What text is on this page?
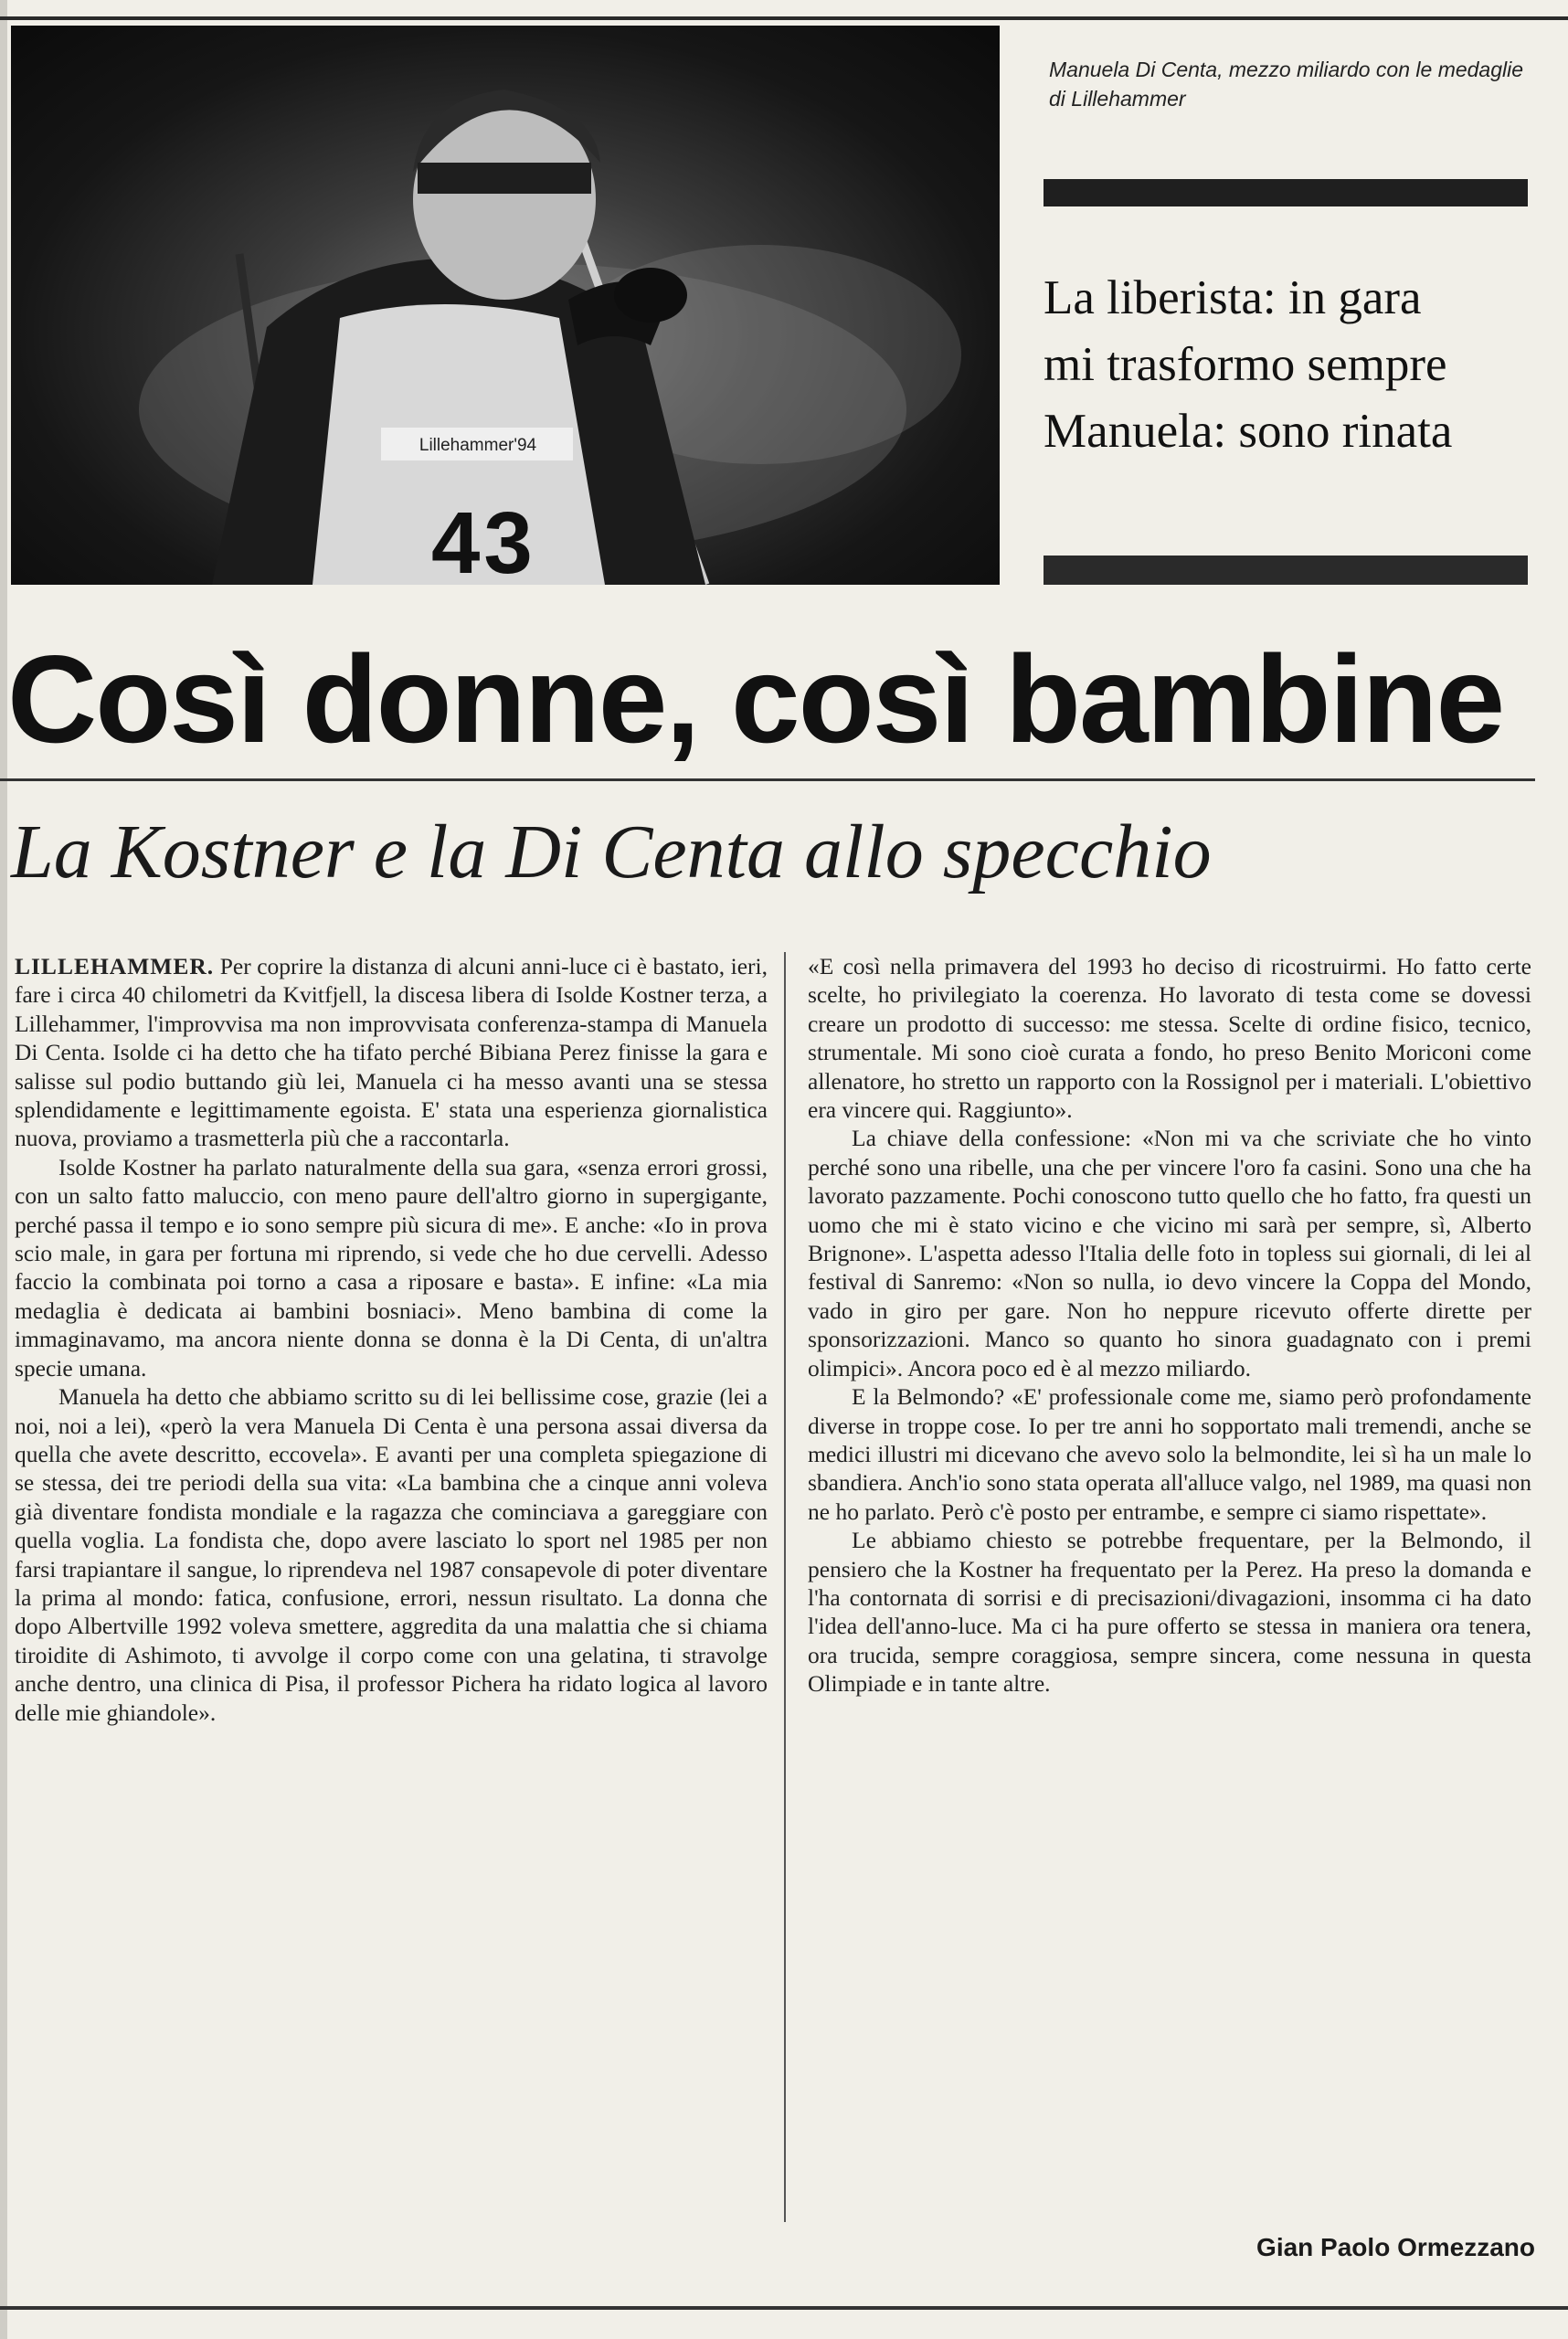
Lillehammer'94
43
Manuela Di Centa, mezzo miliardo con le medaglie di Lillehammer
La liberista: in gara
mi trasformo sempre
Manuela: sono rinata
Così donne, così bambine
La Kostner e la Di Centa allo specchio

LILLEHAMMER. Per coprire la distanza di alcuni anni-luce ci è bastato, ieri, fare i circa 40 chilometri da Kvitfjell, la discesa libera di Isolde Kostner terza, a Lillehammer, l'improvvisa ma non improvvisata conferenza-stampa di Manuela Di Centa. Isolde ci ha detto che ha tifato perché Bibiana Perez finisse la gara e salisse sul podio buttando giù lei, Manuela ci ha messo avanti una se stessa splendidamente e legittimamente egoista. E' stata una esperienza giornalistica nuova, proviamo a trasmetterla più che a raccontarla.

Isolde Kostner ha parlato naturalmente della sua gara, «senza errori grossi, con un salto fatto maluccio, con meno paure dell'altro giorno in supergigante, perché passa il tempo e io sono sempre più sicura di me». E anche: «Io in prova scio male, in gara per fortuna mi riprendo, si vede che ho due cervelli. Adesso faccio la combinata poi torno a casa a riposare e basta». E infine: «La mia medaglia è dedicata ai bambini bosniaci». Meno bambina di come la immaginavamo, ma ancora niente donna se donna è la Di Centa, di un'altra specie umana.

Manuela ha detto che abbiamo scritto su di lei bellissime cose, grazie (lei a noi, noi a lei), «però la vera Manuela Di Centa è una persona assai diversa da quella che avete descritto, eccovela». E avanti per una completa spiegazione di se stessa, dei tre periodi della sua vita: «La bambina che a cinque anni voleva già diventare fondista mondiale e la ragazza che cominciava a gareggiare con quella voglia. La fondista che, dopo avere lasciato lo sport nel 1985 per non farsi trapiantare il sangue, lo riprendeva nel 1987 consapevole di poter diventare la prima al mondo: fatica, confusione, errori, nessun risultato. La donna che dopo Albertville 1992 voleva smettere, aggredita da una malattia che si chiama tiroidite di Ashimoto, ti avvolge il corpo come con una gelatina, ti stravolge anche dentro, una clinica di Pisa, il professor Pichera ha ridato logica al lavoro delle mie ghiandole».

«E così nella primavera del 1993 ho deciso di ricostruirmi. Ho fatto certe scelte, ho privilegiato la coerenza. Ho lavorato di testa come se dovessi creare un prodotto di successo: me stessa. Scelte di ordine fisico, tecnico, strumentale. Mi sono cioè curata a fondo, ho preso Benito Moriconi come allenatore, ho stretto un rapporto con la Rossignol per i materiali. L'obiettivo era vincere qui. Raggiunto».

La chiave della confessione: «Non mi va che scriviate che ho vinto perché sono una ribelle, una che per vincere l'oro fa casini. Sono una che ha lavorato pazzamente. Pochi conoscono tutto quello che ho fatto, fra questi un uomo che mi è stato vicino e che vicino mi sarà per sempre, sì, Alberto Brignone». L'aspetta adesso l'Italia delle foto in topless sui giornali, di lei al festival di Sanremo: «Non so nulla, io devo vincere la Coppa del Mondo, vado in giro per gare. Non ho neppure ricevuto offerte dirette per sponsorizzazioni. Manco so quanto ho sinora guadagnato con i premi olimpici». Ancora poco ed è al mezzo miliardo.

E la Belmondo? «E' professionale come me, siamo però profondamente diverse in troppe cose. Io per tre anni ho sopportato mali tremendi, anche se medici illustri mi dicevano che avevo solo la belmondite, lei sì ha un male lo sbandiera. Anch'io sono stata operata all'alluce valgo, nel 1989, ma quasi non ne ho parlato. Però c'è posto per entrambe, e sempre ci siamo rispettate».

Le abbiamo chiesto se potrebbe frequentare, per la Belmondo, il pensiero che la Kostner ha frequentato per la Perez. Ha preso la domanda e l'ha contornata di sorrisi e di precisazioni/divagazioni, insomma ci ha dato l'idea dell'anno-luce. Ma ci ha pure offerto se stessa in maniera ora tenera, ora trucida, sempre coraggiosa, sempre sincera, come nessuna in questa Olimpiade e in tante altre.

Gian Paolo Ormezzano
